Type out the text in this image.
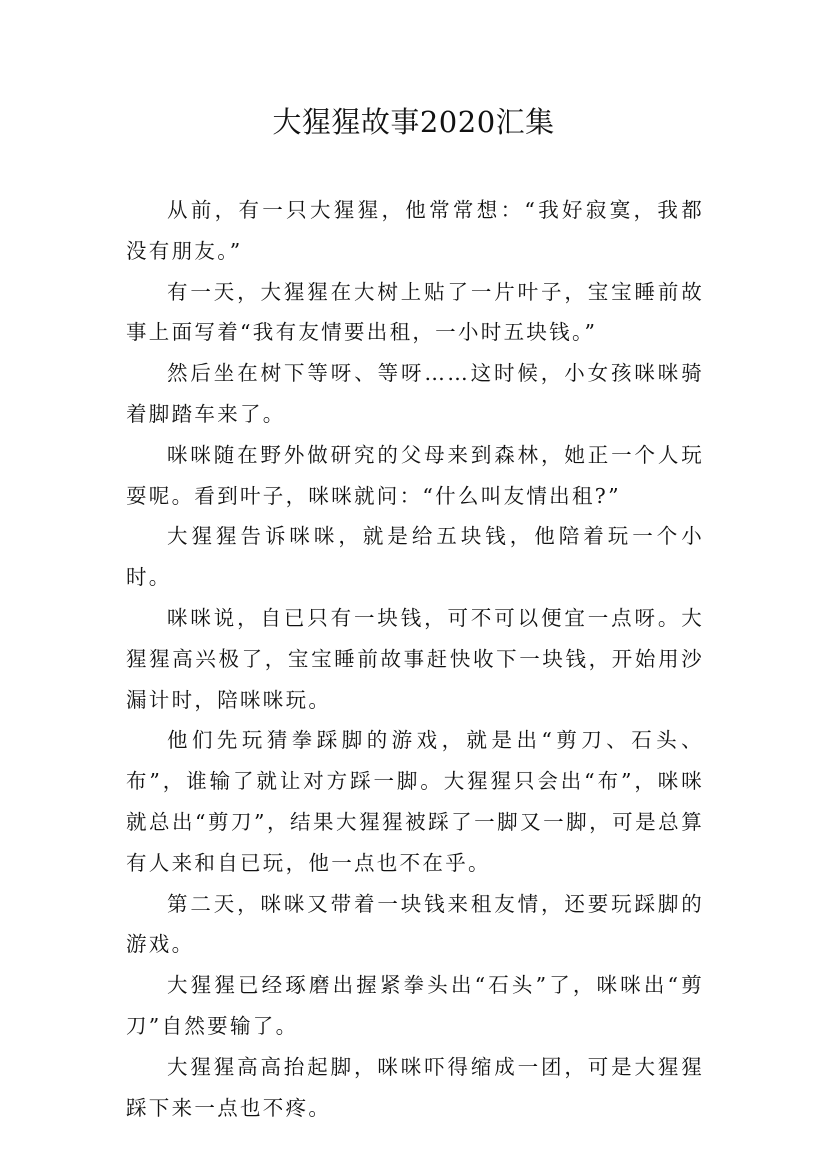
大猩猩故事2020汇集

从前，有一只大猩猩，他常常想：“我好寂寞，我都没有朋友。”

有一天，大猩猩在大树上贴了一片叶子，宝宝睡前故事上面写着“我有友情要出租，一小时五块钱。”

然后坐在树下等呀、等呀……这时候，小女孩咪咪骑着脚踏车来了。

咪咪随在野外做研究的父母来到森林，她正一个人玩耍呢。看到叶子，咪咪就问：“什么叫友情出租?”

大猩猩告诉咪咪，就是给五块钱，他陪着玩一个小时。

咪咪说，自已只有一块钱，可不可以便宜一点呀。大猩猩高兴极了，宝宝睡前故事赶快收下一块钱，开始用沙漏计时，陪咪咪玩。

他们先玩猜拳踩脚的游戏，就是出“剪刀、石头、布”，谁输了就让对方踩一脚。大猩猩只会出“布”，咪咪就总出“剪刀”，结果大猩猩被踩了一脚又一脚，可是总算有人来和自已玩，他一点也不在乎。

第二天，咪咪又带着一块钱来租友情，还要玩踩脚的游戏。

大猩猩已经琢磨出握紧拳头出“石头”了，咪咪出“剪刀”自然要输了。

大猩猩高高抬起脚，咪咪吓得缩成一团，可是大猩猩踩下来一点也不疼。
